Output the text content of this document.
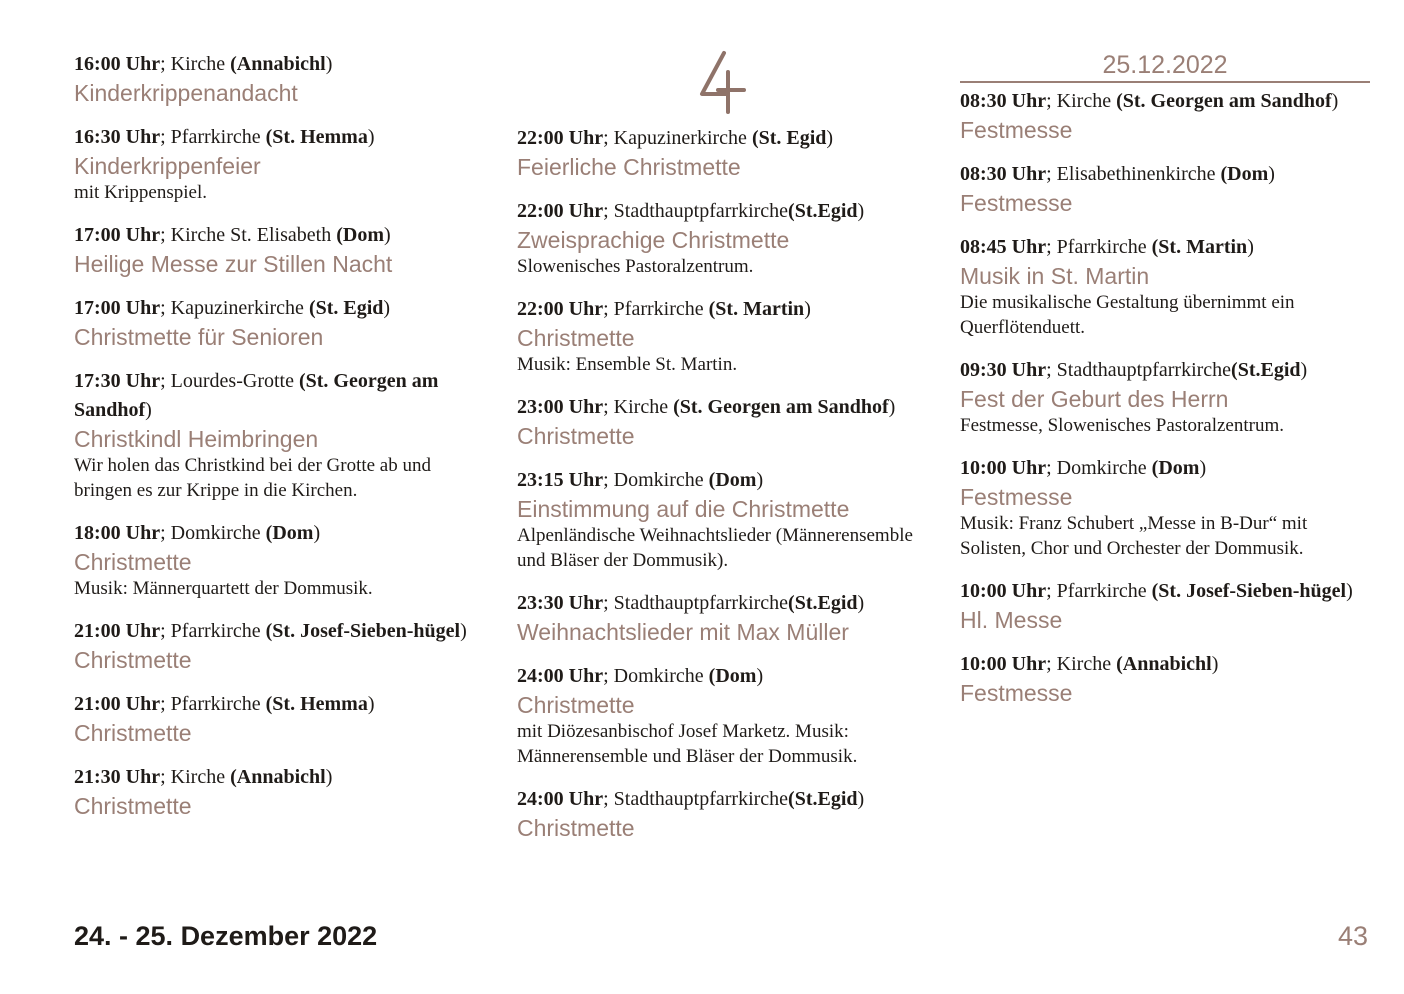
16:00 Uhr; Kirche (Annabichl)
Kinderkrippenandacht
16:30 Uhr; Pfarrkirche (St. Hemma)
Kinderkrippenfeier
mit Krippenspiel.
17:00 Uhr; Kirche St. Elisabeth (Dom)
Heilige Messe zur Stillen Nacht
17:00 Uhr; Kapuzinerkirche (St. Egid)
Christmette für Senioren
17:30 Uhr; Lourdes-Grotte (St. Georgen am Sandhof)
Christkindl Heimbringen
Wir holen das Christkind bei der Grotte ab und bringen es zur Krippe in die Kirchen.
18:00 Uhr; Domkirche (Dom)
Christmette
Musik: Männerquartett der Dommusik.
21:00 Uhr; Pfarrkirche (St. Josef-Sieben-hügel)
Christmette
21:00 Uhr; Pfarrkirche (St. Hemma)
Christmette
21:30 Uhr; Kirche (Annabichl)
Christmette
22:00 Uhr; Kapuzinerkirche (St. Egid)
Feierliche Christmette
22:00 Uhr; Stadthauptpfarrkirche(St.Egid)
Zweisprachige Christmette
Slowenisches Pastoralzentrum.
22:00 Uhr; Pfarrkirche (St. Martin)
Christmette
Musik: Ensemble St. Martin.
23:00 Uhr; Kirche (St. Georgen am Sandhof)
Christmette
23:15 Uhr; Domkirche (Dom)
Einstimmung auf die Christmette
Alpenländische Weihnachtslieder (Männerensemble und Bläser der Dommusik).
23:30 Uhr; Stadthauptpfarrkirche(St.Egid)
Weihnachtslieder mit Max Müller
24:00 Uhr; Domkirche (Dom)
Christmette
mit Diözesanbischof Josef Marketz. Musik: Männerensemble und Bläser der Dommusik.
24:00 Uhr; Stadthauptpfarrkirche(St.Egid)
Christmette
25.12.2022
08:30 Uhr; Kirche (St. Georgen am Sandhof)
Festmesse
08:30 Uhr; Elisabethinenkirche (Dom)
Festmesse
08:45 Uhr; Pfarrkirche (St. Martin)
Musik in St. Martin
Die musikalische Gestaltung übernimmt ein Querflötenduett.
09:30 Uhr; Stadthauptpfarrkirche(St.Egid)
Fest der Geburt des Herrn
Festmesse, Slowenisches Pastoralzentrum.
10:00 Uhr; Domkirche (Dom)
Festmesse
Musik: Franz Schubert „Messe in B-Dur“ mit Solisten, Chor und Orchester der Dommusik.
10:00 Uhr; Pfarrkirche (St. Josef-Sieben-hügel)
Hl. Messe
10:00 Uhr; Kirche (Annabichl)
Festmesse
24. - 25. Dezember 2022	43
